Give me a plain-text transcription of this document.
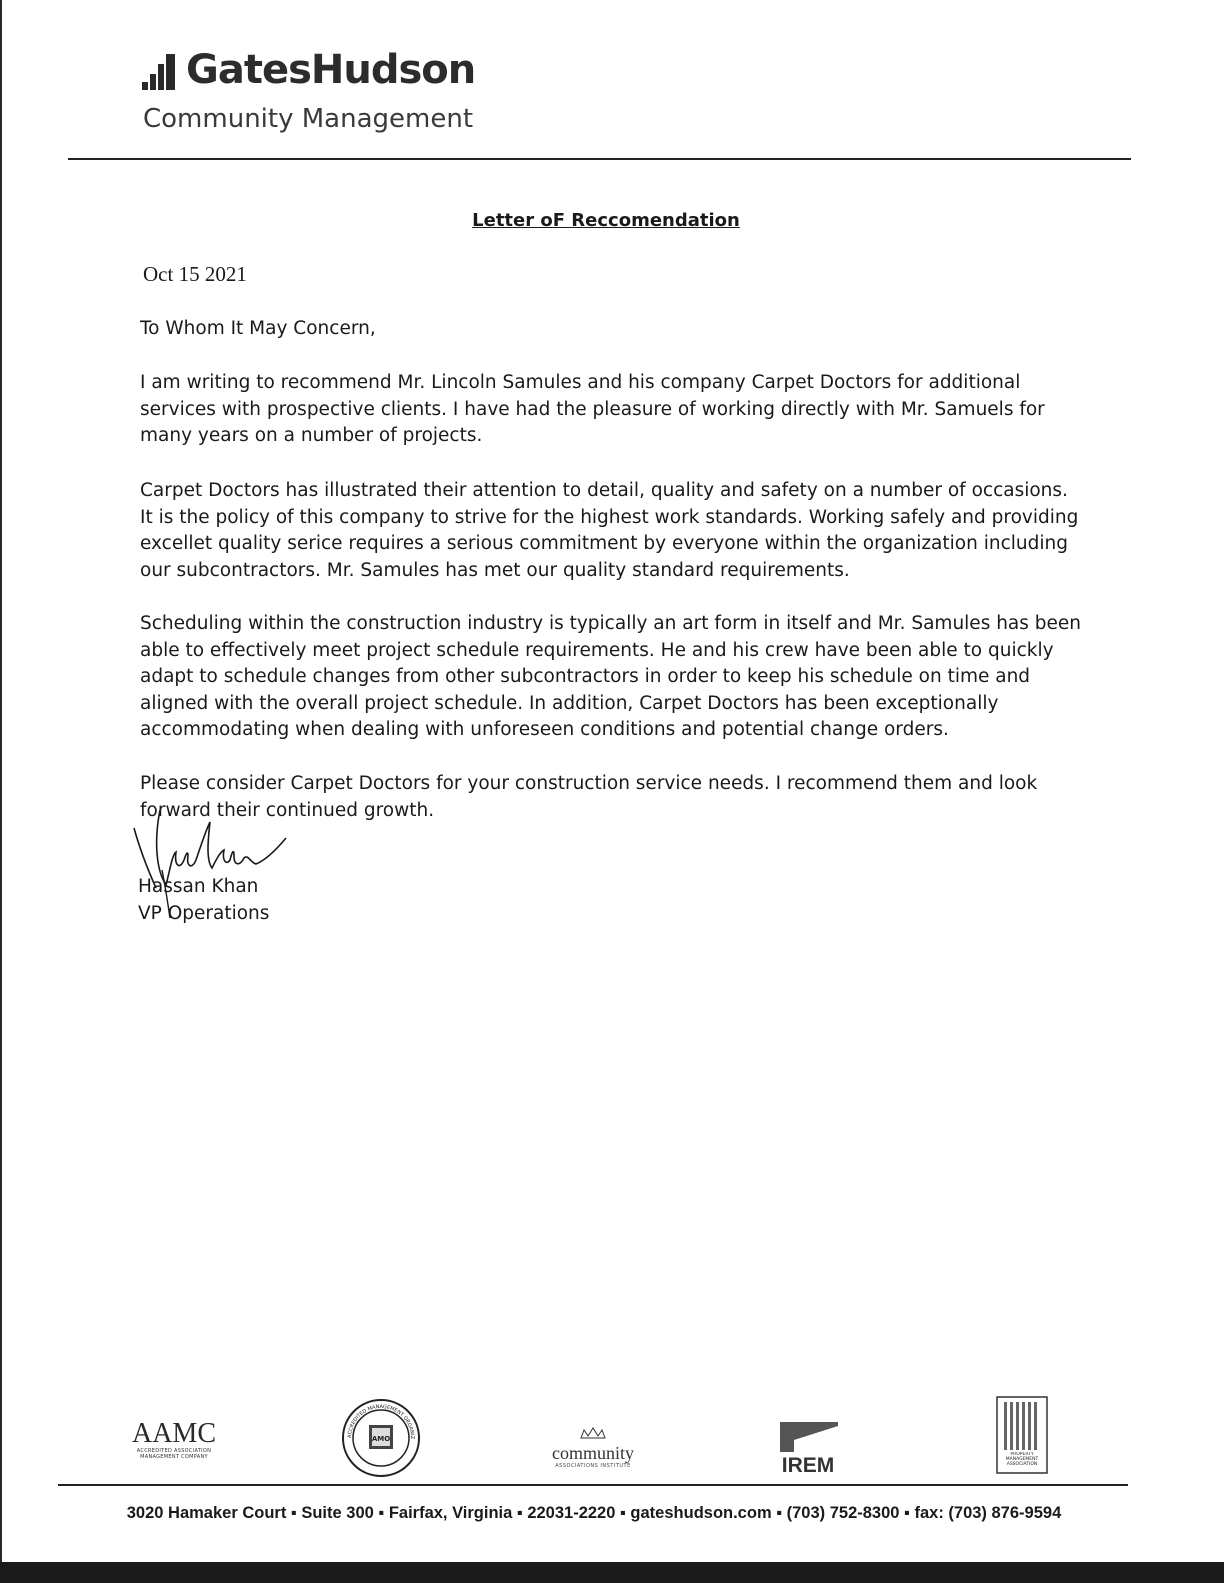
GatesHudson
Community Management
Letter oF Reccomendation
Oct 15 2021
To Whom It May Concern,
I am writing to recommend Mr. Lincoln Samules and his company Carpet Doctors for additional services with prospective clients. I have had the pleasure of working directly with Mr. Samuels for many years on a number of projects.
Carpet Doctors has illustrated their attention to detail, quality and safety on a number of occasions. It is the policy of this company to strive for the highest work standards. Working safely and providing excellet quality serice requires a serious commitment by everyone within the organization including our subcontractors. Mr. Samules has met our quality standard requirements.
Scheduling within the construction industry is typically an art form in itself and Mr. Samules has been able to effectively meet project schedule requirements. He and his crew have been able to quickly adapt to schedule changes from other subcontractors in order to keep his schedule on time and aligned with the overall project schedule. In addition, Carpet Doctors has been exceptionally accommodating when dealing with unforeseen conditions and potential change orders.
Please consider Carpet Doctors for your construction service needs. I recommend them and look forward their continued growth.
Hassan Khan
VP Operations
AAMC
ACCREDITED ASSOCIATION MANAGEMENT COMPANY
AMO
ACCREDITED MANAGEMENT ORGANIZ
community
ASSOCIATIONS INSTITUTE	IREM	PROPERTY MANAGEMENT ASSOCIATION
3020 Hamaker Court ▪ Suite 300 ▪ Fairfax, Virginia ▪ 22031-2220 ▪ gateshudson.com ▪ (703) 752-8300 ▪ fax: (703) 876-9594
